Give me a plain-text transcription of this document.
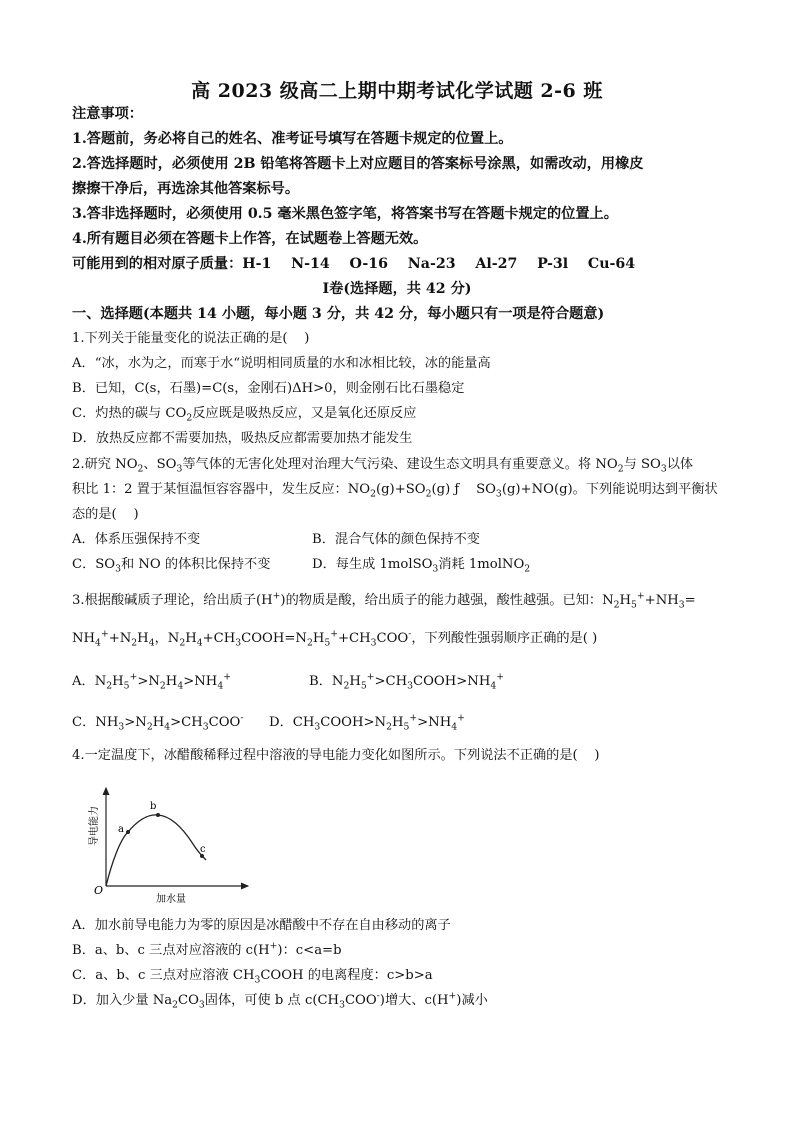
高 2023 级高二上期中期考试化学试题 2-6 班
注意事项：
1.答题前，务必将自己的姓名、准考证号填写在答题卡规定的位置上。
2.答选择题时，必须使用 2B 铅笔将答题卡上对应题目的答案标号涂黑，如需改动，用橡皮
擦擦干净后，再选涂其他答案标号。
3.答非选择题时，必须使用 0.5 毫米黑色签字笔，将答案书写在答题卡规定的位置上。
4.所有题目必须在答题卡上作答，在试题卷上答题无效。
可能用到的相对原子质量：H-1    N-14    O-16    Na-23    Al-27    P-3l    Cu-64
Ⅰ卷(选择题，共 42 分)
一、选择题(本题共 14 小题，每小题 3 分，共 42 分，每小题只有一项是符合题意)
1.下列关于能量变化的说法正确的是(    )
A．“冰，水为之，而寒于水“说明相同质量的水和冰相比较，冰的能量高
B．已知，C(s，石墨)=C(s，金刚石)ΔH>0，则金刚石比石墨稳定
C．灼热的碳与 $CO_2$反应既是吸热反应，又是氧化还原反应
D．放热反应都不需要加热，吸热反应都需要加热才能发生
2.研究 $NO_2$、$SO_3$等气体的无害化处理对治理大气污染、建设生态文明具有重要意义。将 $NO_2$与 $SO_3$以体
积比 1：2 置于某恒温恒容容器中，发生反应：$NO_2(g)+SO_2(g)$ ƒ    $SO_3(g)+NO(g)$。下列能说明达到平衡状
态的是(    )
A．体系压强保持不变	B．混合气体的颜色保持不变
C．$SO_3$和 NO 的体积比保持不变	D．每生成 1molSO$_3$消耗 1molNO$_2$
3.根据酸碱质子理论，给出质子(H+)的物质是酸，给出质子的能力越强，酸性越强。已知：$N_2H_5^++NH_3=$
$NH_4^++N_2H_4$，$N_2H_4+CH_3COOH=N_2H_5^++CH_3COO^-$，下列酸性强弱顺序正确的是( )
A．$N_2H_5^+>N_2H_4>NH_4^+$	B．$N_2H_5^+>CH_3COOH>NH_4^+$
C．$NH_3>N_2H_4>CH_3COO^-$ D．$CH_3COOH>N_2H_5^+>NH_4^+$
4.一定温度下，冰醋酸稀释过程中溶液的导电能力变化如图所示。下列说法不正确的是(    )
a
b
c
O
加水量
导电能力
A．加水前导电能力为零的原因是冰醋酸中不存在自由移动的离子
B．a、b、c 三点对应溶液的 c(H+)：c<a=b
C．a、b、c 三点对应溶液 $CH_3COOH$ 的电离程度：c>b>a
D．加入少量 $Na_2CO_3$固体，可使 b 点 $c(CH_3COO^-)$增大、c(H+)减小
